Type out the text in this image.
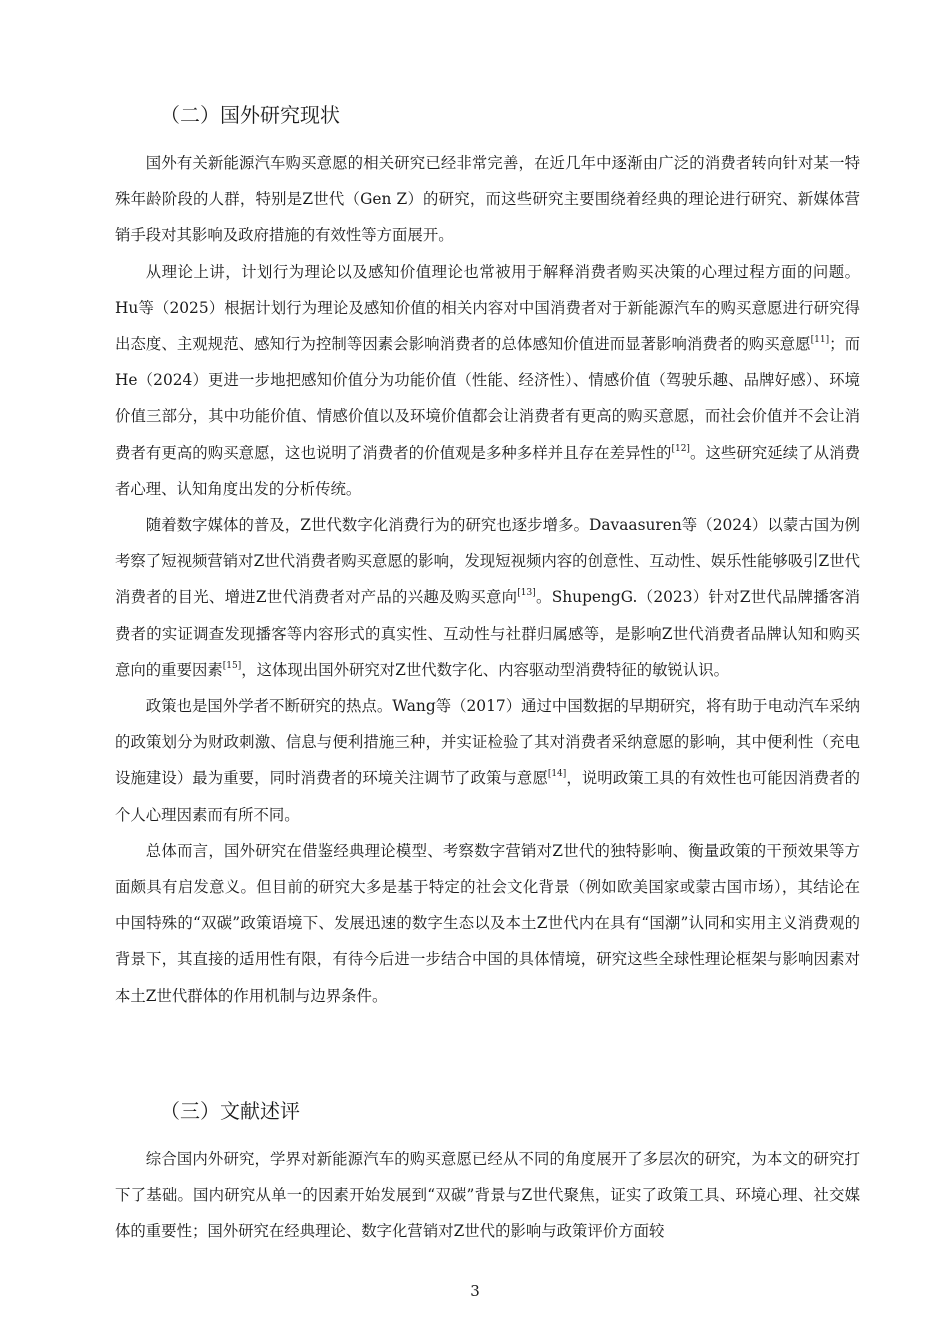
（二）国外研究现状

国外有关新能源汽车购买意愿的相关研究已经非常完善，在近几年中逐渐由广泛的消费者转向针对某一特殊年龄阶段的人群，特别是Z世代（Gen Z）的研究，而这些研究主要围绕着经典的理论进行研究、新媒体营销手段对其影响及政府措施的有效性等方面展开。

从理论上讲，计划行为理论以及感知价值理论也常被用于解释消费者购买决策的心理过程方面的问题。Hu等（2025）根据计划行为理论及感知价值的相关内容对中国消费者对于新能源汽车的购买意愿进行研究得出态度、主观规范、感知行为控制等因素会影响消费者的总体感知价值进而显著影响消费者的购买意愿[11]；而He（2024）更进一步地把感知价值分为功能价值（性能、经济性）、情感价值（驾驶乐趣、品牌好感）、环境价值三部分，其中功能价值、情感价值以及环境价值都会让消费者有更高的购买意愿，而社会价值并不会让消费者有更高的购买意愿，这也说明了消费者的价值观是多种多样并且存在差异性的[12]。这些研究延续了从消费者心理、认知角度出发的分析传统。

随着数字媒体的普及，Z世代数字化消费行为的研究也逐步增多。Davaasuren等（2024）以蒙古国为例考察了短视频营销对Z世代消费者购买意愿的影响，发现短视频内容的创意性、互动性、娱乐性能够吸引Z世代消费者的目光、增进Z世代消费者对产品的兴趣及购买意向[13]。ShupengG.（2023）针对Z世代品牌播客消费者的实证调查发现播客等内容形式的真实性、互动性与社群归属感等，是影响Z世代消费者品牌认知和购买意向的重要因素[15]，这体现出国外研究对Z世代数字化、内容驱动型消费特征的敏锐认识。

政策也是国外学者不断研究的热点。Wang等（2017）通过中国数据的早期研究，将有助于电动汽车采纳的政策划分为财政刺激、信息与便利措施三种，并实证检验了其对消费者采纳意愿的影响，其中便利性（充电设施建设）最为重要，同时消费者的环境关注调节了政策与意愿[14]，说明政策工具的有效性也可能因消费者的个人心理因素而有所不同。

总体而言，国外研究在借鉴经典理论模型、考察数字营销对Z世代的独特影响、衡量政策的干预效果等方面颇具有启发意义。但目前的研究大多是基于特定的社会文化背景（例如欧美国家或蒙古国市场），其结论在中国特殊的“双碳”政策语境下、发展迅速的数字生态以及本土Z世代内在具有“国潮”认同和实用主义消费观的背景下，其直接的适用性有限，有待今后进一步结合中国的具体情境，研究这些全球性理论框架与影响因素对本土Z世代群体的作用机制与边界条件。

（三）文献述评

综合国内外研究，学界对新能源汽车的购买意愿已经从不同的角度展开了多层次的研究，为本文的研究打下了基础。国内研究从单一的因素开始发展到“双碳”背景与Z世代聚焦，证实了政策工具、环境心理、社交媒体的重要性；国外研究在经典理论、数字化营销对Z世代的影响与政策评价方面较

3
